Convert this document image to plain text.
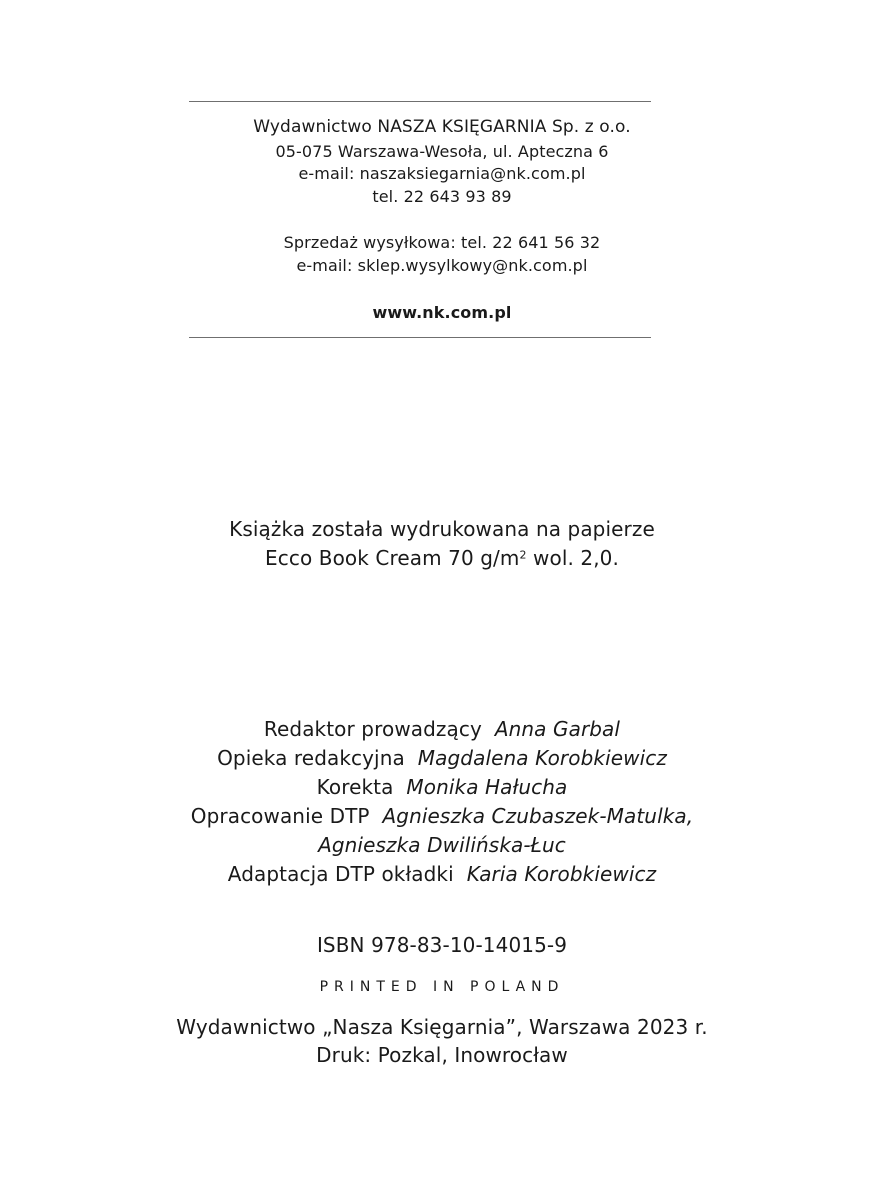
Wydawnictwo NASZA KSIĘGARNIA Sp. z o.o.
05-075 Warszawa-Wesoła, ul. Apteczna 6
e-mail: naszaksiegarnia@nk.com.pl
tel. 22 643 93 89
Sprzedaż wysyłkowa: tel. 22 641 56 32
e-mail: sklep.wysylkowy@nk.com.pl
www.nk.com.pl
Książka została wydrukowana na papierze
Ecco Book Cream 70 $g/m^2$ wol. 2,0.
Redaktor prowadzący Anna Garbal
Opieka redakcyjna Magdalena Korobkiewicz
Korekta Monika Hałucha
Opracowanie DTP Agnieszka Czubaszek-Matulka,
Agnieszka Dwilińska-Łuc
Adaptacja DTP okładki Karia Korobkiewicz
ISBN 978-83-10-14015-9
PRINTED IN POLAND
Wydawnictwo „Nasza Księgarnia”, Warszawa 2023 r.
Druk: Pozkal, Inowrocław
